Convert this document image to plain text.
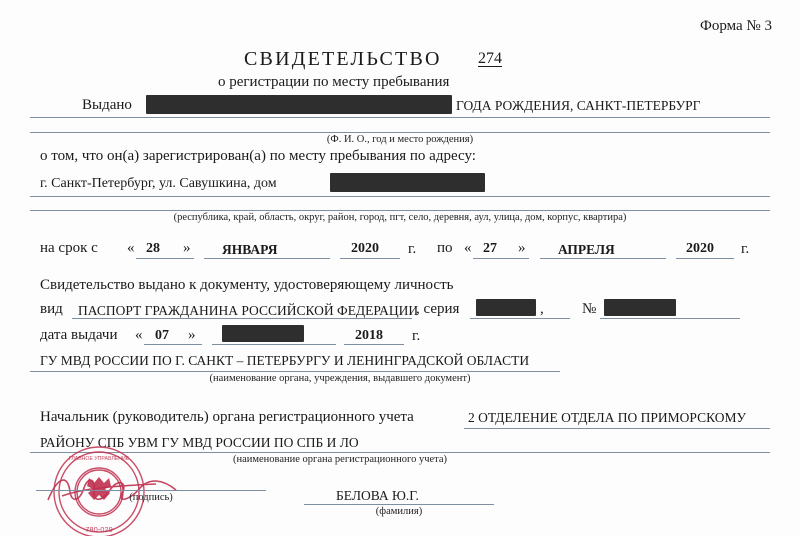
Форма № 3
СВИДЕТЕЛЬСТВО 274
о регистрации по месту пребывания
Выдано	ГОДА РОЖДЕНИЯ, САНКТ-ПЕТЕРБУРГ
(Ф. И. О., год и место рождения)
о том, что он(а) зарегистрирован(а) по месту пребывания по адресу:
г. Санкт-Петербург, ул. Савушкина, дом
(республика, край, область, округ, район, город, пгт, село, деревня, аул, улица, дом, корпус, квартира)
на срок с « 28 » ЯНВАРЯ	2020 г. по « 27 » АПРЕЛЯ	2020 г.
Свидетельство выдано к документу, удостоверяющему личность
вид ПАСПОРТ ГРАЖДАНИНА РОССИЙСКОЙ ФЕДЕРАЦИИ
, серия	,	№
дата выдачи « 07 »	2018 г.
ГУ МВД РОССИИ ПО Г. САНКТ – ПЕТЕРБУРГУ И ЛЕНИНГРАДСКОЙ ОБЛАСТИ
(наименование органа, учреждения, выдавшего документ)
Начальник (руководитель) органа регистрационного учета	2 ОТДЕЛЕНИЕ ОТДЕЛА ПО ПРИМОРСКОМУ
РАЙОНУ СПБ УВМ ГУ МВД РОССИИ ПО СПБ И ЛО
(наименование органа регистрационного учета)
ГЛАВНОЕ УПРАВЛЕНИЕ
780-029
(подпись)	БЕЛОВА Ю.Г.
(фамилия)
